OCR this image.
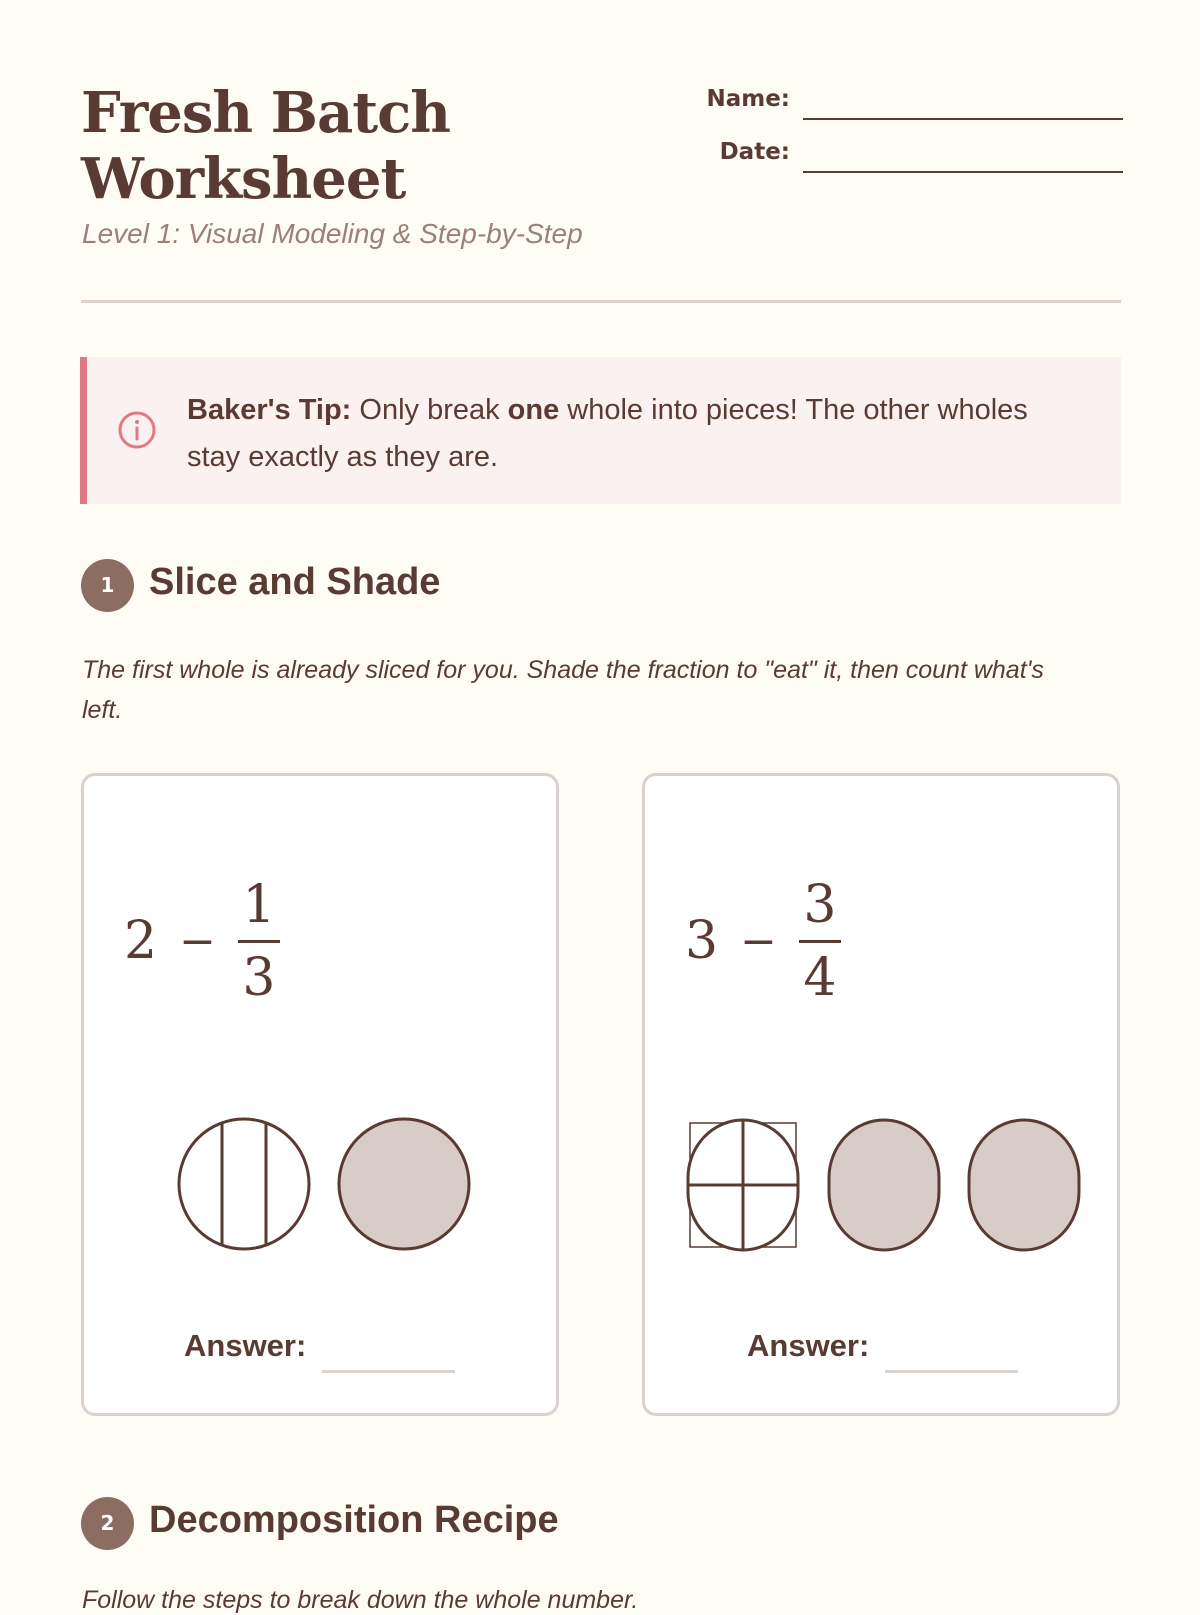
Fresh Batch
Worksheet
Level 1: Visual Modeling & Step-by-Step
Name:
Date:
Baker's Tip: Only break one whole into pieces! The other wholes stay exactly as they are.
1 Slice and Shade
The first whole is already sliced for you. Shade the fraction to "eat" it, then count what's left.
$2 - \frac{1}{3}$
Answer:
$3 - \frac{3}{4}$
Answer:
2 Decomposition Recipe
Follow the steps to break down the whole number.
